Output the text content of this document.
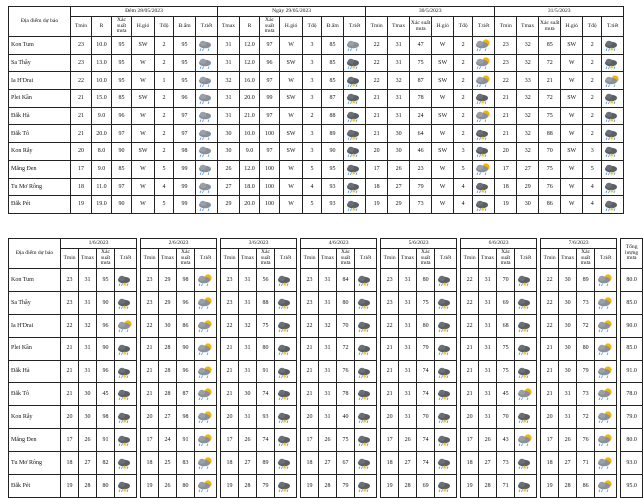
Địa điểm dự báo	Đêm 28/05/2023							Ngày 29/05/2023							30/5/2023						31/5/2023					
	Tmin	R	Xác suất mưa	H.gió	Tđộ	Đ.ẩm	T.tiết	Tmax	R	Xác suất mưa	H.gió	Tđộ	Đ.ẩm	T.tiết	Tmin	Tmax	Xác suất mưa	H.gió	Tđộ	T.tiết	Tmin	Tmax	Xác suất mưa	H.gió	Tđộ	T.tiết
Kon Tum	23	10.0	95	SW	2	95		31	12.0	97	W	3	85		22	31	47	W	2		23	32	85	SW	2	
Sa Thầy	23	13.0	95	W	2	95		31	12.0	96	SW	3	85		22	31	75	SW	2		23	32	72	W	2	
Ia H'Drai	22	10.0	95	W	1	95		32	16.0	97	W	3	85		22	32	87	SW	2		22	33	21	W	2	
Plei Kần	21	15.0	85	SW	2	96		31	20.0	99	SW	3	87		21	31	78	W	2		21	32	72	SW	2	
Đăk Hà	21	9.0	96	W	2	97		31	21.0	97	W	2	88		21	31	24	SW	2		21	32	75	W	2	
Đăk Tô	21	20.0	97	W	2	97		30	10.0	100	SW	3	89		21	30	64	W	2		21	32	88	W	2	
Kon Rẫy	20	8.0	90	SW	2	98		30	9.0	97	SW	3	90		20	30	46	SW	3		20	32	70	SW	3	
Măng Đen	17	9.0	85	W	5	99		26	12.0	100	W	5	95		17	26	23	W	5		17	27	75	W	5	
Tu Mơ Rông	18	11.0	97	W	4	99		27	18.0	100	W	4	93		18	27	79	W	4		18	29	76	W	4	
Đăk Pét	19	19.0	90	W	5	99		29	20.0	100	W	5	93		19	29	73	W	4		19	30	86	W	4	
Địa điểm dự báo	1/6/2023					2/6/2023					3/6/2023					4/6/2023					5/6/2023					6/6/2023					7/6/2023					Tổng lượng mưa
	Tmin	Tmax	Xác suất mưa	T.tiết		Tmin	Tmax	Xác suất mưa	T.tiết		Tmin	Tmax	Xác suất mưa	T.tiết		Tmin	Tmax	Xác suất mưa	T.tiết		Tmin	Tmax	Xác suất mưa	T.tiết		Tmin	Tmax	Xác suất mưa	T.tiết		Tmin	Tmax	Xác suất mưa	T.tiết		
Kon Tum	23	31	95			23	29	98			23	31	56			23	31	84			23	31	80			22	31	70			22	30	89			80.0
Sa Thầy	23	31	90			23	29	96			23	31	88			23	31	80			23	31	75			22	31	69			22	30	73			85.0
Ia H'Drai	22	32	96			22	30	86			22	32	75			22	32	70			22	31	80			22	31	68			22	30	72			90.0
Plei Kần	21	31	90			21	28	90			21	31	80			21	31	72			21	31	79			21	31	75			21	30	80			85.0
Đăk Hà	21	31	96			21	28	96			21	31	91			21	31	76			21	31	74			21	31	75			21	30	79			91.0
Đăk Tô	21	30	45			21	28	87			21	30	74			21	31	78			21	31	74			21	31	45			21	31	73			78.0
Kon Rẫy	20	30	98			20	27	98			20	31	93			20	31	40			20	31	70			20	31	70			20	31	72			79.0
Măng Đen	17	26	91			17	24	91			17	26	74			17	26	75			17	26	74			17	26	43			17	26	76			80.0
Tu Mơ Rông	18	27	82			18	25	83			18	27	89			18	27	67			18	27	74			18	27	73			18	27	71			93.0
Đăk Pét	19	28	80			19	26	80			19	28	79			19	28	79			19	28	69			19	28	71			19	28	86			95.0
